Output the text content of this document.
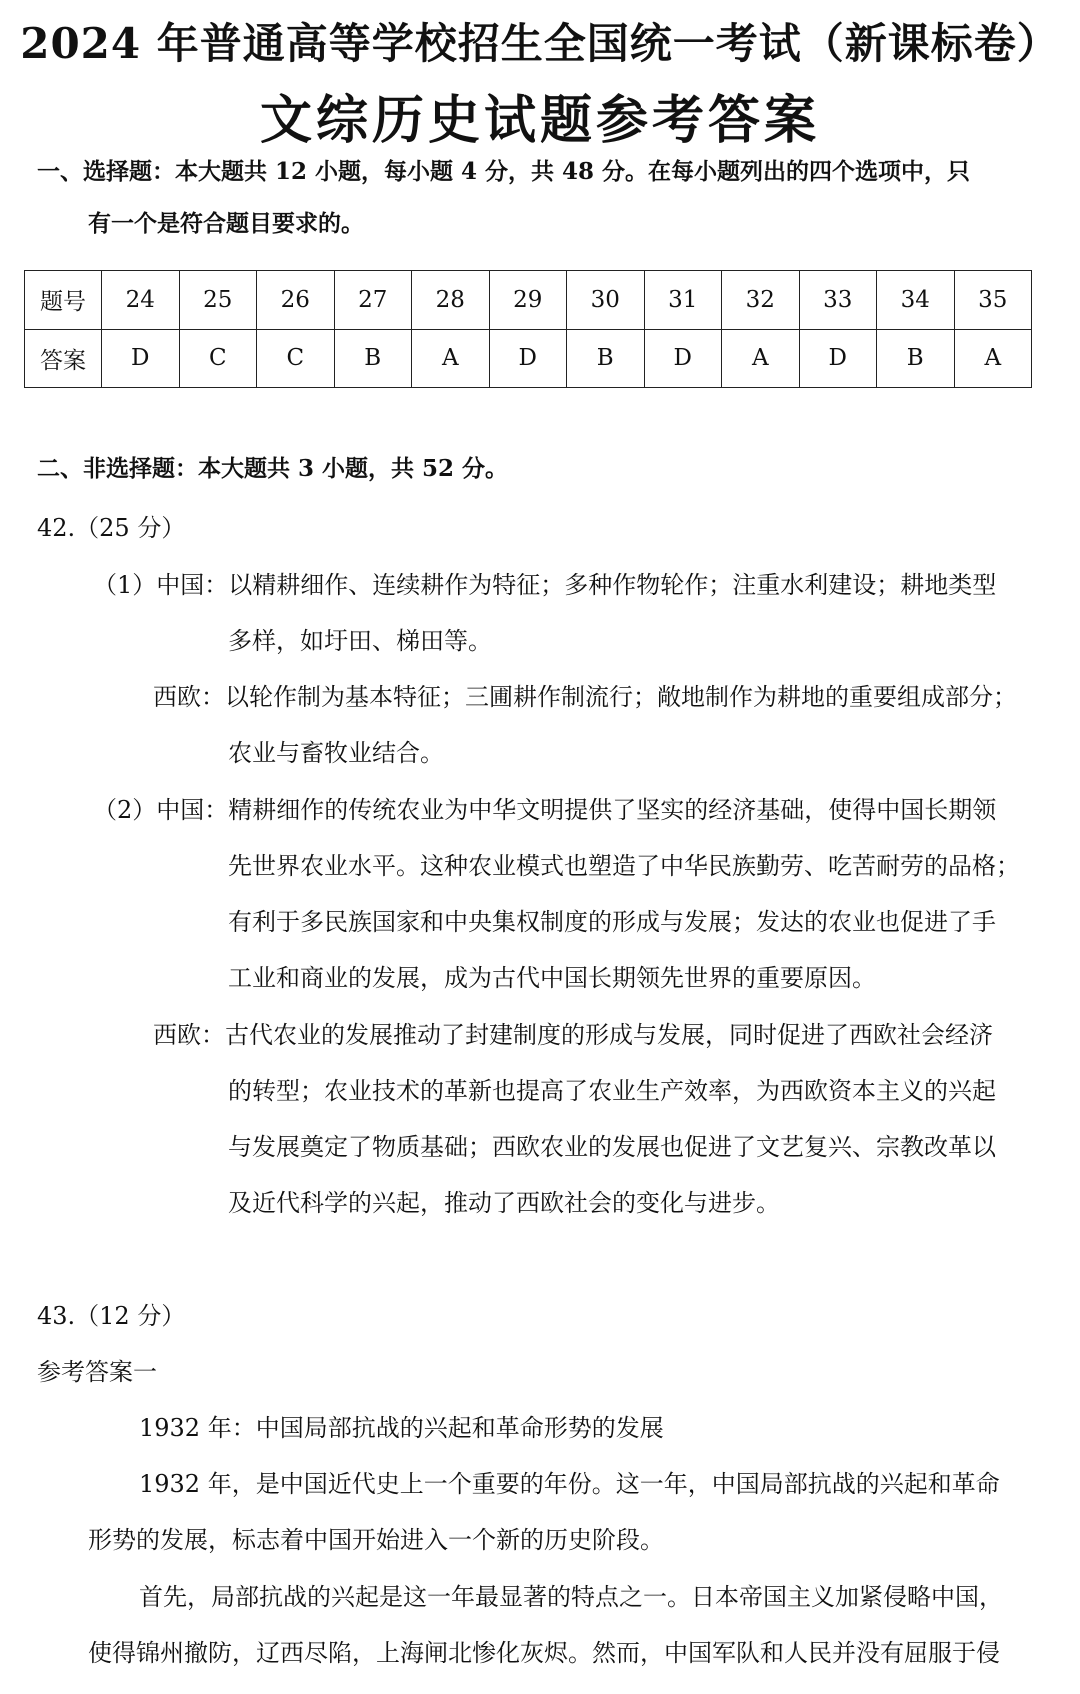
2024 年普通高等学校招生全国统一考试（新课标卷）
文综历史试题参考答案
一、选择题：本大题共 12 小题，每小题 4 分，共 48 分。在每小题列出的四个选项中，只
有一个是符合题目要求的。
题号	24	25	26	27	28	29	30	31	32	33	34	35
答案	D	C	C	B	A	D	B	D	A	D	B	A
二、非选择题：本大题共 3 小题，共 52 分。
42.（25 分）
（1）中国：以精耕细作、连续耕作为特征；多种作物轮作；注重水利建设；耕地类型
多样，如圩田、梯田等。
西欧：以轮作制为基本特征；三圃耕作制流行；敞地制作为耕地的重要组成部分；
农业与畜牧业结合。
（2）中国：精耕细作的传统农业为中华文明提供了坚实的经济基础，使得中国长期领
先世界农业水平。这种农业模式也塑造了中华民族勤劳、吃苦耐劳的品格；
有利于多民族国家和中央集权制度的形成与发展；发达的农业也促进了手
工业和商业的发展，成为古代中国长期领先世界的重要原因。
西欧：古代农业的发展推动了封建制度的形成与发展，同时促进了西欧社会经济
的转型；农业技术的革新也提高了农业生产效率，为西欧资本主义的兴起
与发展奠定了物质基础；西欧农业的发展也促进了文艺复兴、宗教改革以
及近代科学的兴起，推动了西欧社会的变化与进步。
43.（12 分）
参考答案一
1932 年：中国局部抗战的兴起和革命形势的发展
1932 年，是中国近代史上一个重要的年份。这一年，中国局部抗战的兴起和革命
形势的发展，标志着中国开始进入一个新的历史阶段。
首先，局部抗战的兴起是这一年最显著的特点之一。日本帝国主义加紧侵略中国，
使得锦州撤防，辽西尽陷，上海闸北惨化灰烬。然而，中国军队和人民并没有屈服于侵
